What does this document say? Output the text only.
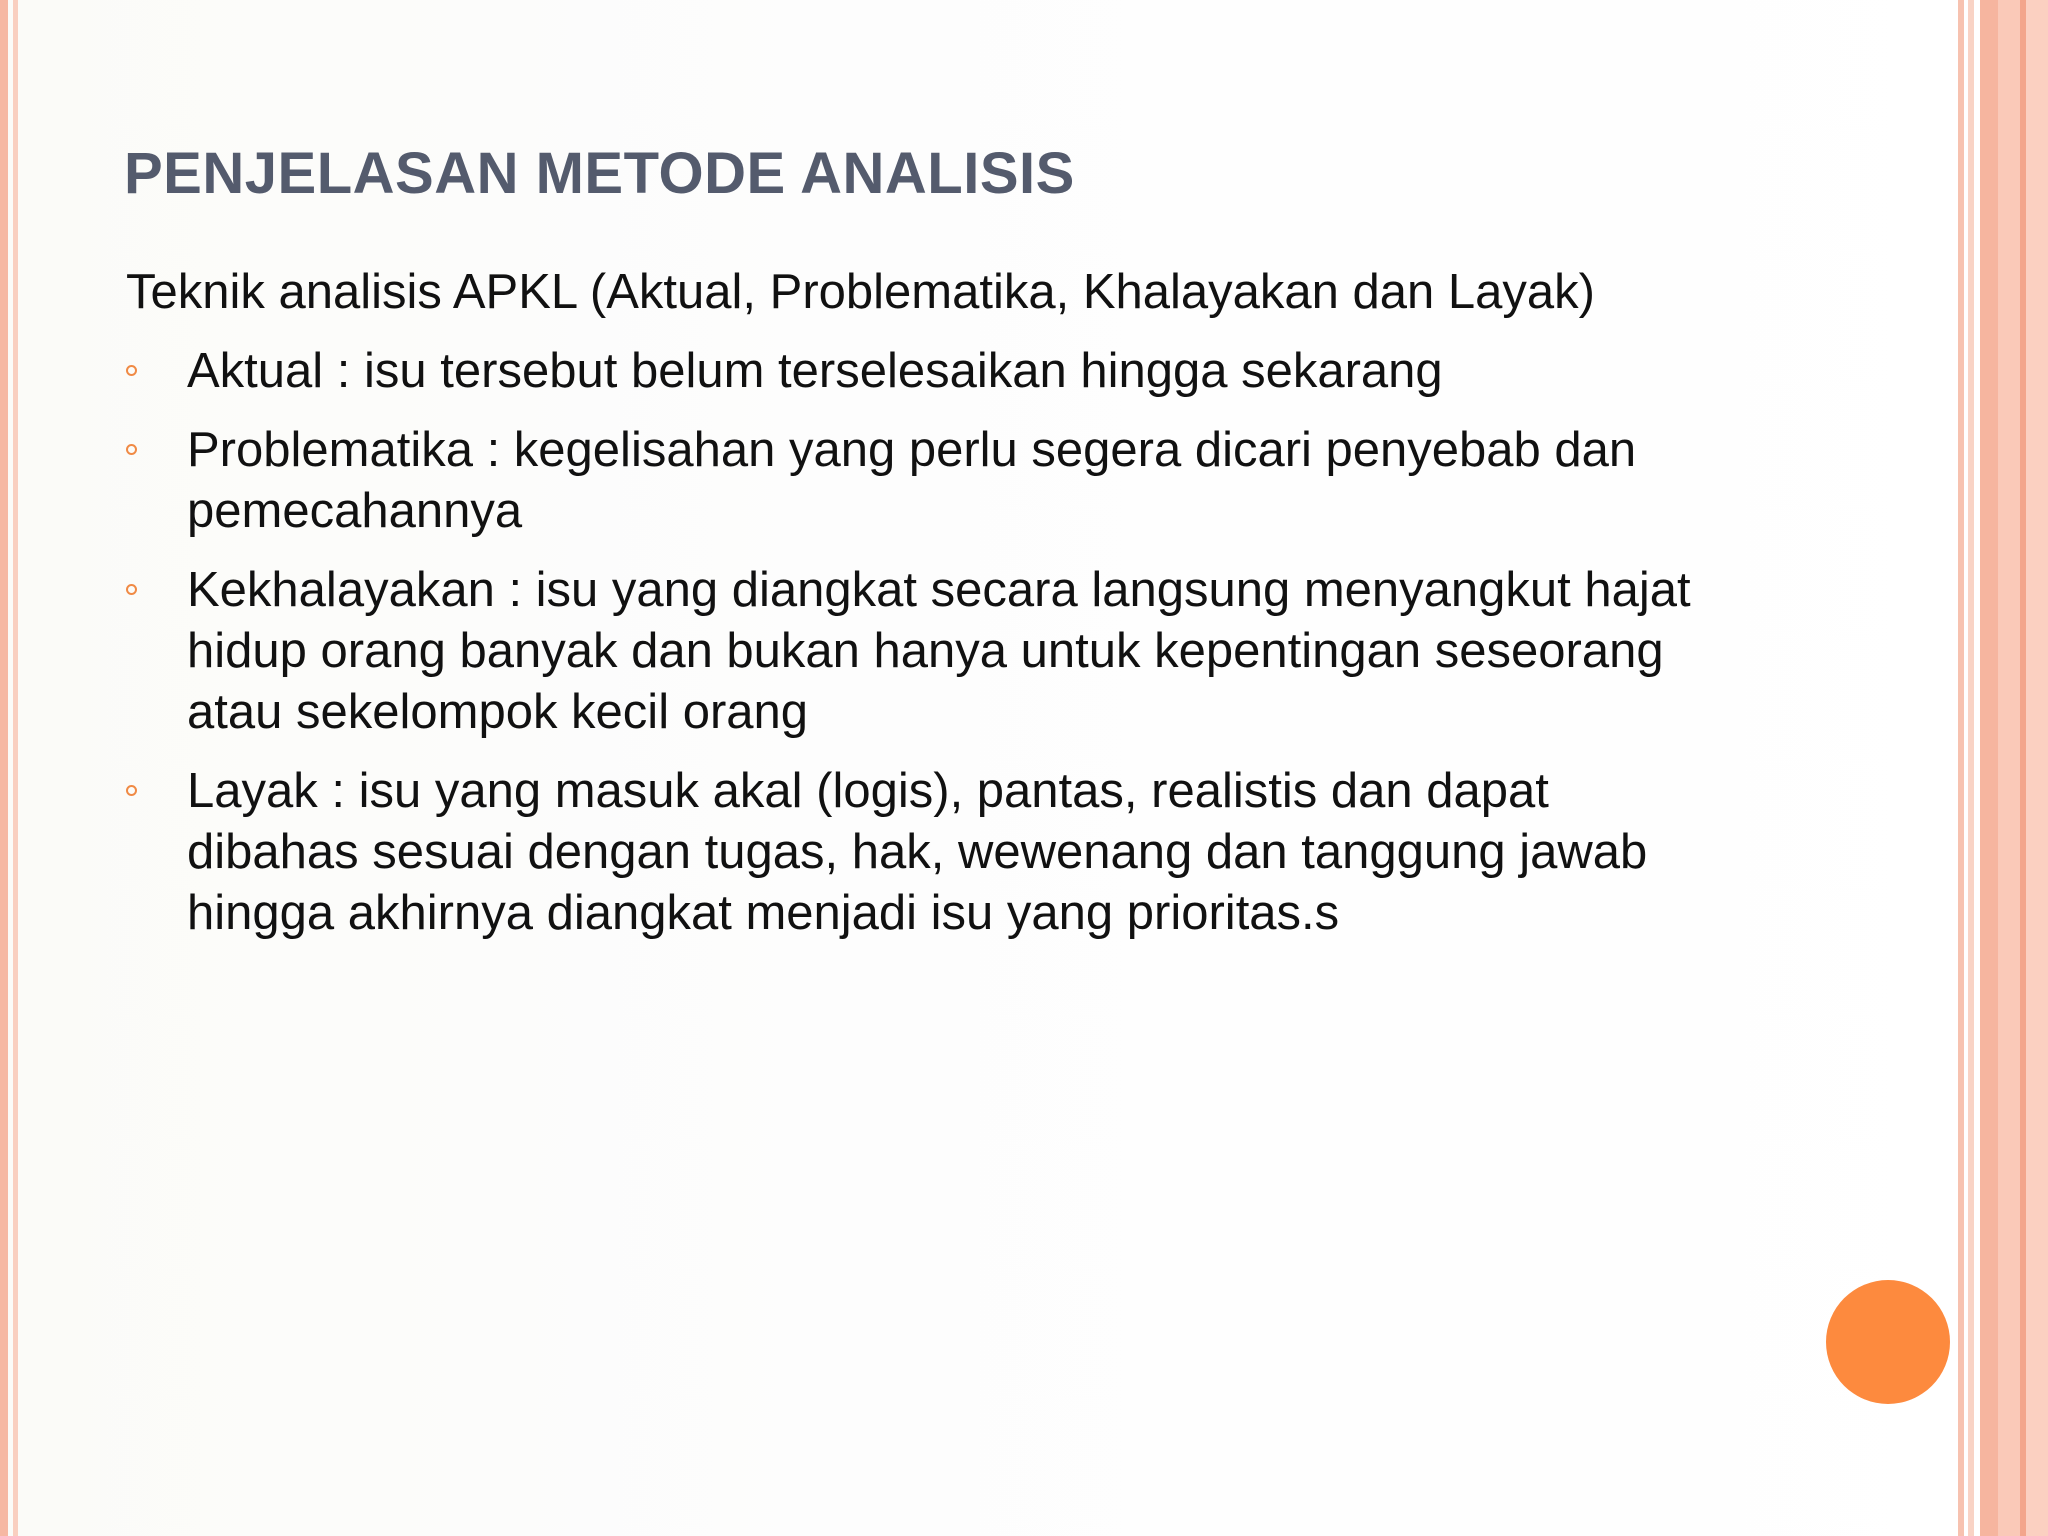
PENJELASAN METODE ANALISIS

Teknik analisis APKL (Aktual, Problematika, Khalayakan dan Layak)

Aktual : isu tersebut belum terselesaikan hingga sekarang
Problematika : kegelisahan yang perlu segera dicari penyebab dan pemecahannya
Kekhalayakan : isu yang diangkat secara langsung menyangkut hajat hidup orang banyak dan bukan hanya untuk kepentingan seseorang atau sekelompok kecil orang
Layak : isu yang masuk akal (logis), pantas, realistis dan dapat dibahas sesuai dengan tugas, hak, wewenang dan tanggung jawab hingga akhirnya diangkat menjadi isu yang prioritas.s
